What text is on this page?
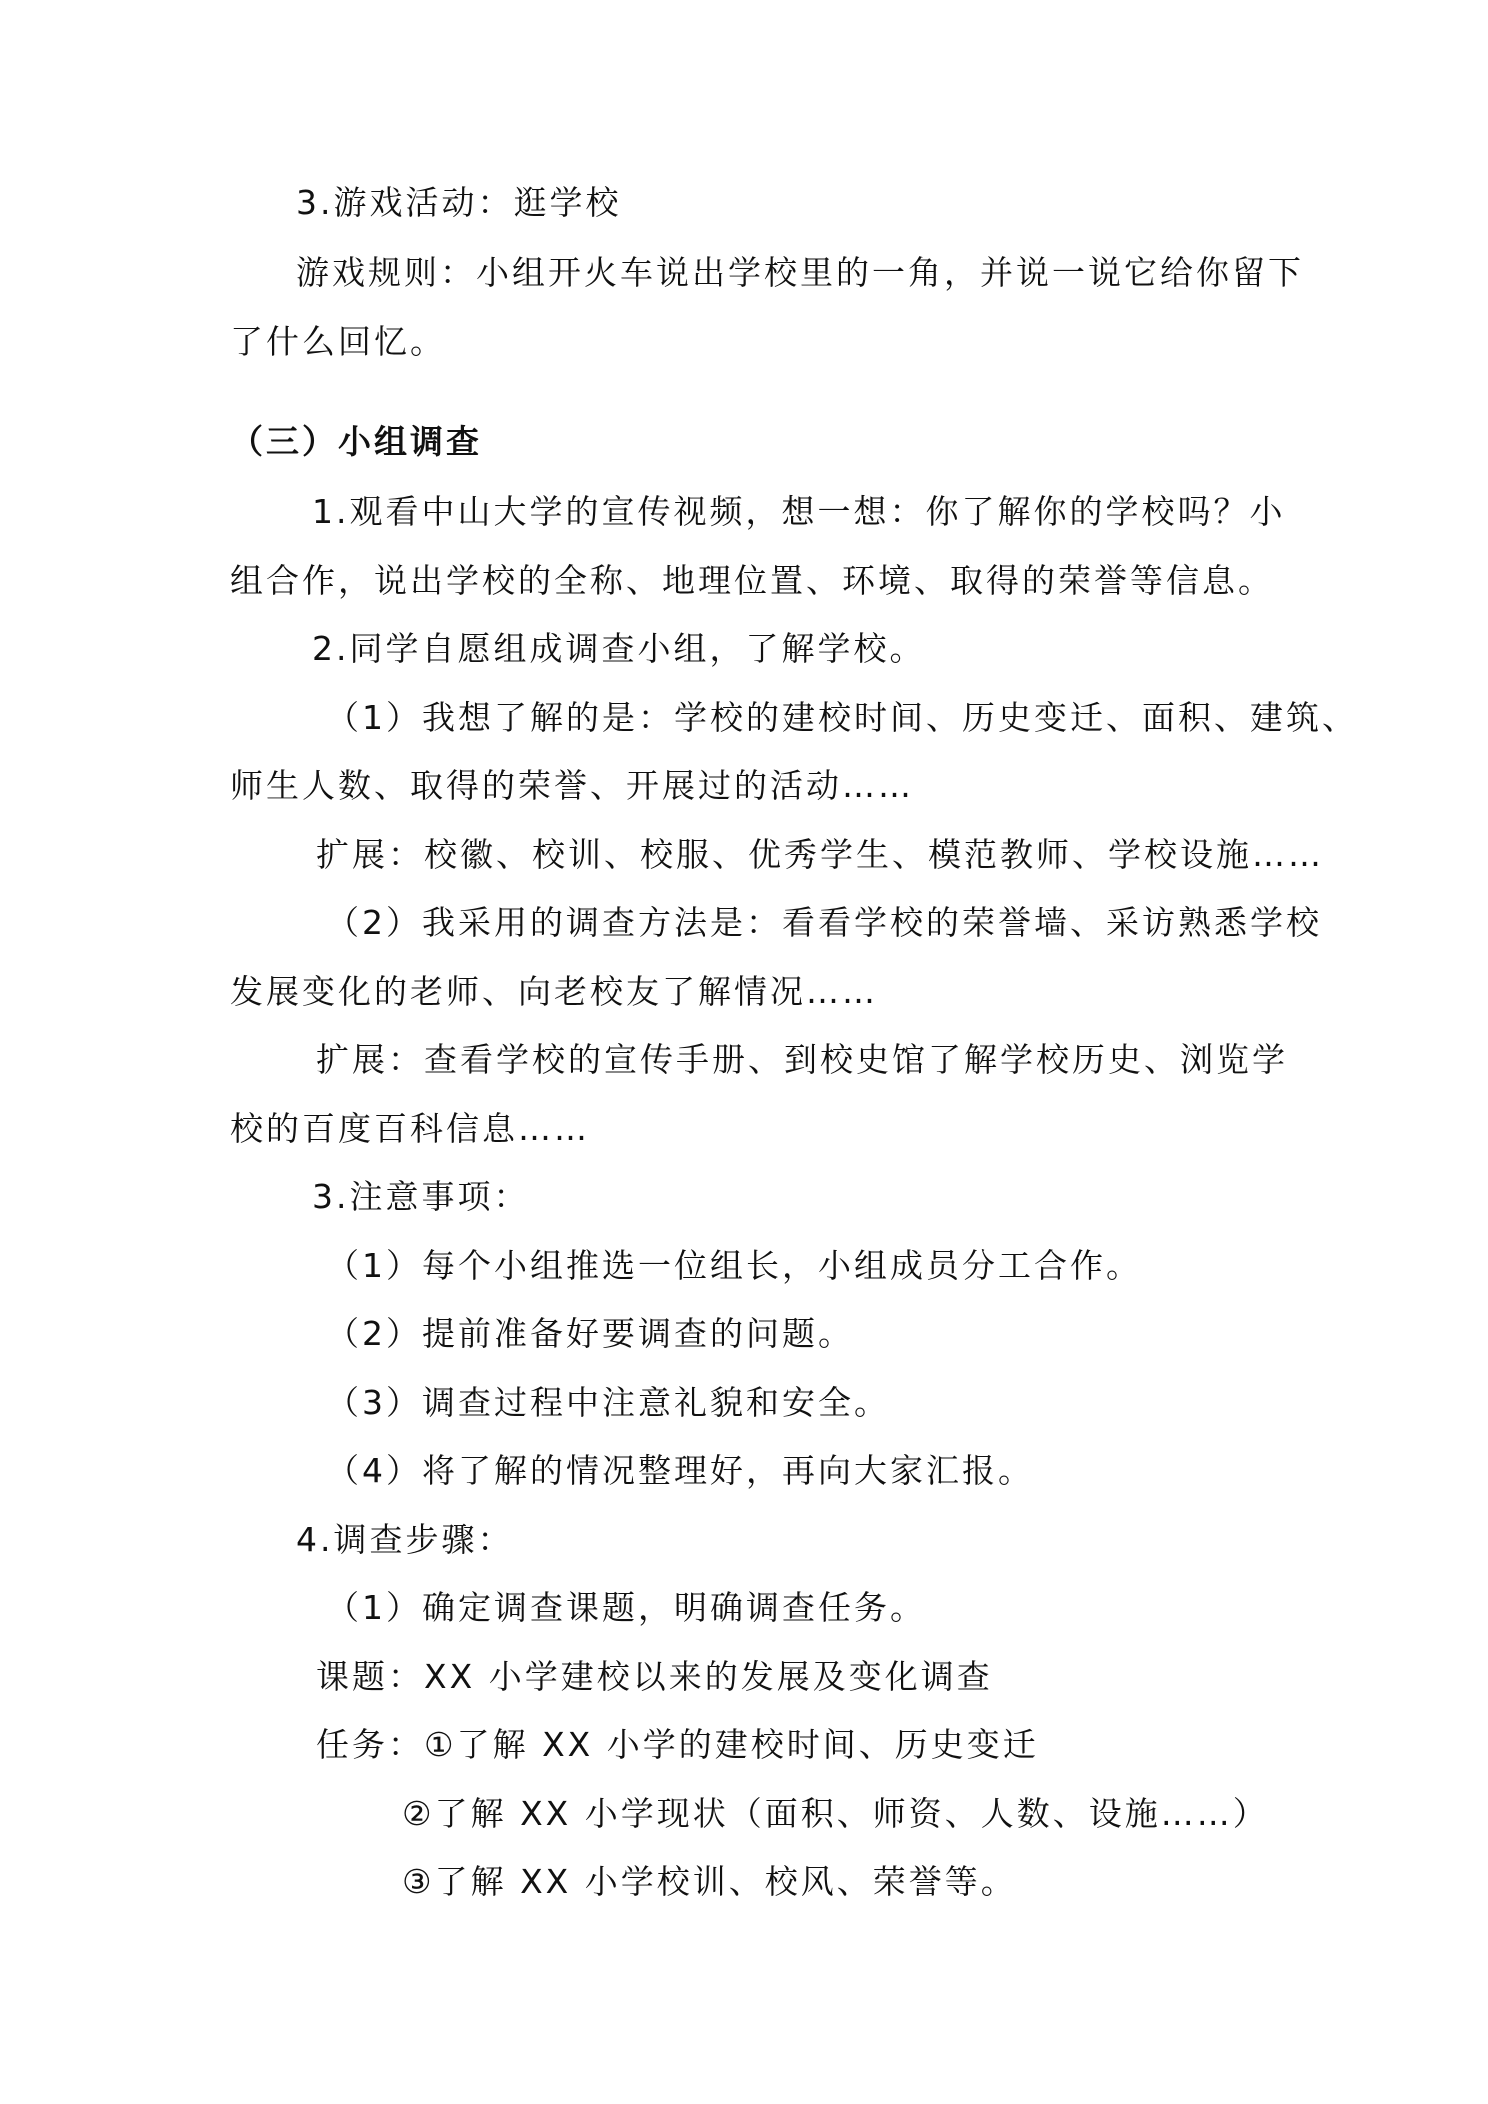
3.游戏活动：逛学校
游戏规则：小组开火车说出学校里的一角，并说一说它给你留下
了什么回忆。
（三）小组调查
1.观看中山大学的宣传视频，想一想：你了解你的学校吗？小
组合作，说出学校的全称、地理位置、环境、取得的荣誉等信息。
2.同学自愿组成调查小组，了解学校。
（1）我想了解的是：学校的建校时间、历史变迁、面积、建筑、
师生人数、取得的荣誉、开展过的活动……
扩展：校徽、校训、校服、优秀学生、模范教师、学校设施……
（2）我采用的调查方法是：看看学校的荣誉墙、采访熟悉学校
发展变化的老师、向老校友了解情况……
扩展：查看学校的宣传手册、到校史馆了解学校历史、浏览学
校的百度百科信息……
3.注意事项：
（1）每个小组推选一位组长，小组成员分工合作。
（2）提前准备好要调查的问题。
（3）调查过程中注意礼貌和安全。
（4）将了解的情况整理好，再向大家汇报。
4.调查步骤：
（1）确定调查课题，明确调查任务。
课题：XX 小学建校以来的发展及变化调查
任务：①了解 XX 小学的建校时间、历史变迁
②了解 XX 小学现状（面积、师资、人数、设施……）
③了解 XX 小学校训、校风、荣誉等。
